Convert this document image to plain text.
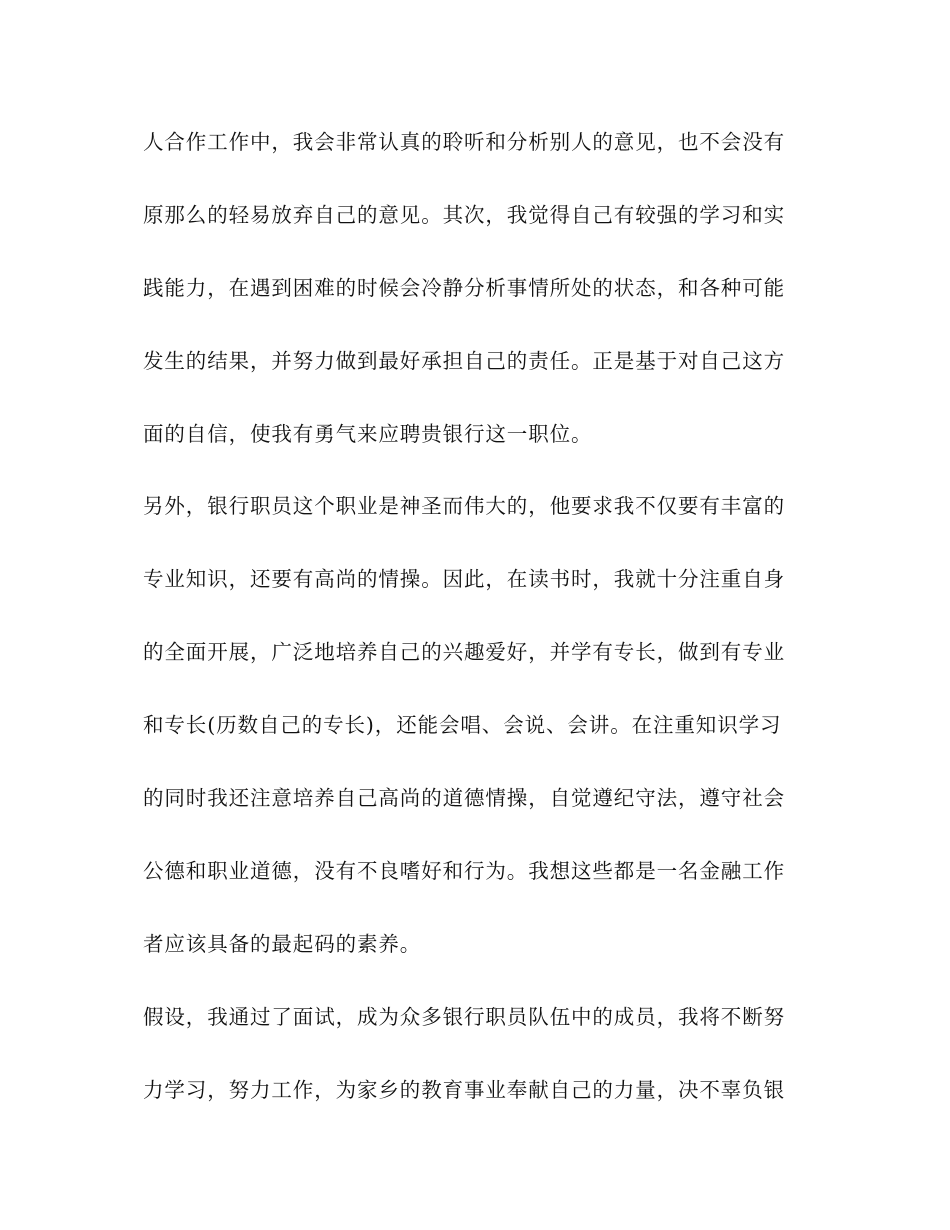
人合作工作中，我会非常认真的聆听和分析别人的意见，也不会没有
原那么的轻易放弃自己的意见。其次，我觉得自己有较强的学习和实
践能力，在遇到困难的时候会冷静分析事情所处的状态，和各种可能
发生的结果，并努力做到最好承担自己的责任。正是基于对自己这方
面的自信，使我有勇气来应聘贵银行这一职位。
另外，银行职员这个职业是神圣而伟大的，他要求我不仅要有丰富的
专业知识，还要有高尚的情操。因此，在读书时，我就十分注重自身
的全面开展，广泛地培养自己的兴趣爱好，并学有专长，做到有专业
和专长(历数自己的专长)，还能会唱、会说、会讲。在注重知识学习
的同时我还注意培养自己高尚的道德情操，自觉遵纪守法，遵守社会
公德和职业道德，没有不良嗜好和行为。我想这些都是一名金融工作
者应该具备的最起码的素养。
假设，我通过了面试，成为众多银行职员队伍中的成员，我将不断努
力学习，努力工作，为家乡的教育事业奉献自己的力量，决不辜负银
